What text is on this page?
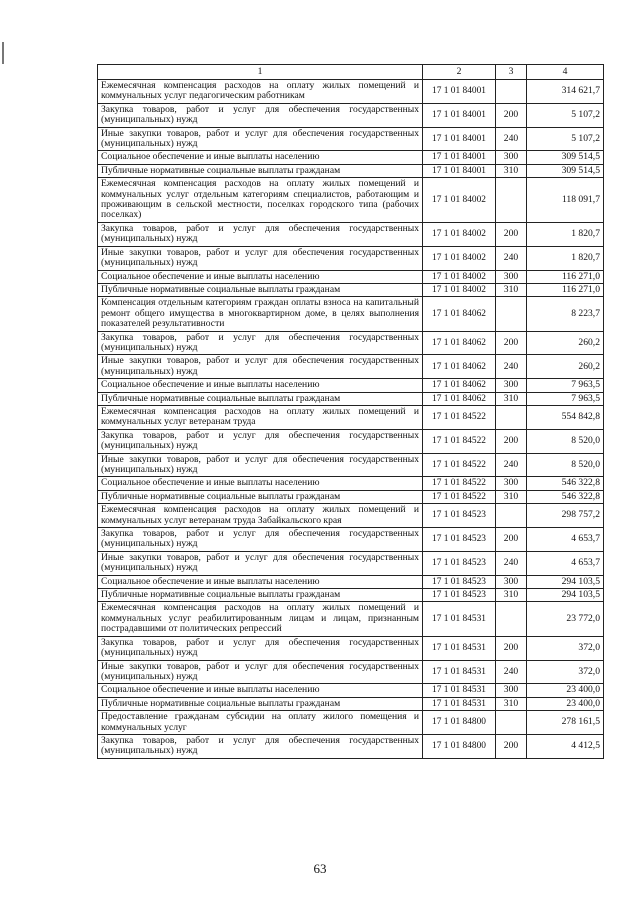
1	2	3	4
Ежемесячная компенсация расходов на оплату жилых помещений и коммунальных услуг педагогическим работникам	17 1 01 84001		314 621,7
Закупка товаров, работ и услуг для обеспечения государственных (муниципальных) нужд	17 1 01 84001	200	5 107,2
Иные закупки товаров, работ и услуг для обеспечения государственных (муниципальных) нужд	17 1 01 84001	240	5 107,2
Социальное обеспечение и иные выплаты населению	17 1 01 84001	300	309 514,5
Публичные нормативные социальные выплаты гражданам	17 1 01 84001	310	309 514,5
Ежемесячная компенсация расходов на оплату жилых помещений и коммунальных услуг отдельным категориям специалистов, работающим и проживающим в сельской местности, поселках городского типа (рабочих поселках)	17 1 01 84002		118 091,7
Закупка товаров, работ и услуг для обеспечения государственных (муниципальных) нужд	17 1 01 84002	200	1 820,7
Иные закупки товаров, работ и услуг для обеспечения государственных (муниципальных) нужд	17 1 01 84002	240	1 820,7
Социальное обеспечение и иные выплаты населению	17 1 01 84002	300	116 271,0
Публичные нормативные социальные выплаты гражданам	17 1 01 84002	310	116 271,0
Компенсация отдельным категориям граждан оплаты взноса на капитальный ремонт общего имущества в многоквартирном доме, в целях выполнения показателей результативности	17 1 01 84062		8 223,7
Закупка товаров, работ и услуг для обеспечения государственных (муниципальных) нужд	17 1 01 84062	200	260,2
Иные закупки товаров, работ и услуг для обеспечения государственных (муниципальных) нужд	17 1 01 84062	240	260,2
Социальное обеспечение и иные выплаты населению	17 1 01 84062	300	7 963,5
Публичные нормативные социальные выплаты гражданам	17 1 01 84062	310	7 963,5
Ежемесячная компенсация расходов на оплату жилых помещений и коммунальных услуг ветеранам труда	17 1 01 84522		554 842,8
Закупка товаров, работ и услуг для обеспечения государственных (муниципальных) нужд	17 1 01 84522	200	8 520,0
Иные закупки товаров, работ и услуг для обеспечения государственных (муниципальных) нужд	17 1 01 84522	240	8 520,0
Социальное обеспечение и иные выплаты населению	17 1 01 84522	300	546 322,8
Публичные нормативные социальные выплаты гражданам	17 1 01 84522	310	546 322,8
Ежемесячная компенсация расходов на оплату жилых помещений и коммунальных услуг ветеранам труда Забайкальского края	17 1 01 84523		298 757,2
Закупка товаров, работ и услуг для обеспечения государственных (муниципальных) нужд	17 1 01 84523	200	4 653,7
Иные закупки товаров, работ и услуг для обеспечения государственных (муниципальных) нужд	17 1 01 84523	240	4 653,7
Социальное обеспечение и иные выплаты населению	17 1 01 84523	300	294 103,5
Публичные нормативные социальные выплаты гражданам	17 1 01 84523	310	294 103,5
Ежемесячная компенсация расходов на оплату жилых помещений и коммунальных услуг реабилитированным лицам и лицам, признанным пострадавшими от политических репрессий	17 1 01 84531		23 772,0
Закупка товаров, работ и услуг для обеспечения государственных (муниципальных) нужд	17 1 01 84531	200	372,0
Иные закупки товаров, работ и услуг для обеспечения государственных (муниципальных) нужд	17 1 01 84531	240	372,0
Социальное обеспечение и иные выплаты населению	17 1 01 84531	300	23 400,0
Публичные нормативные социальные выплаты гражданам	17 1 01 84531	310	23 400,0
Предоставление гражданам субсидии на оплату жилого помещения и коммунальных услуг	17 1 01 84800		278 161,5
Закупка товаров, работ и услуг для обеспечения государственных (муниципальных) нужд	17 1 01 84800	200	4 412,5
63
